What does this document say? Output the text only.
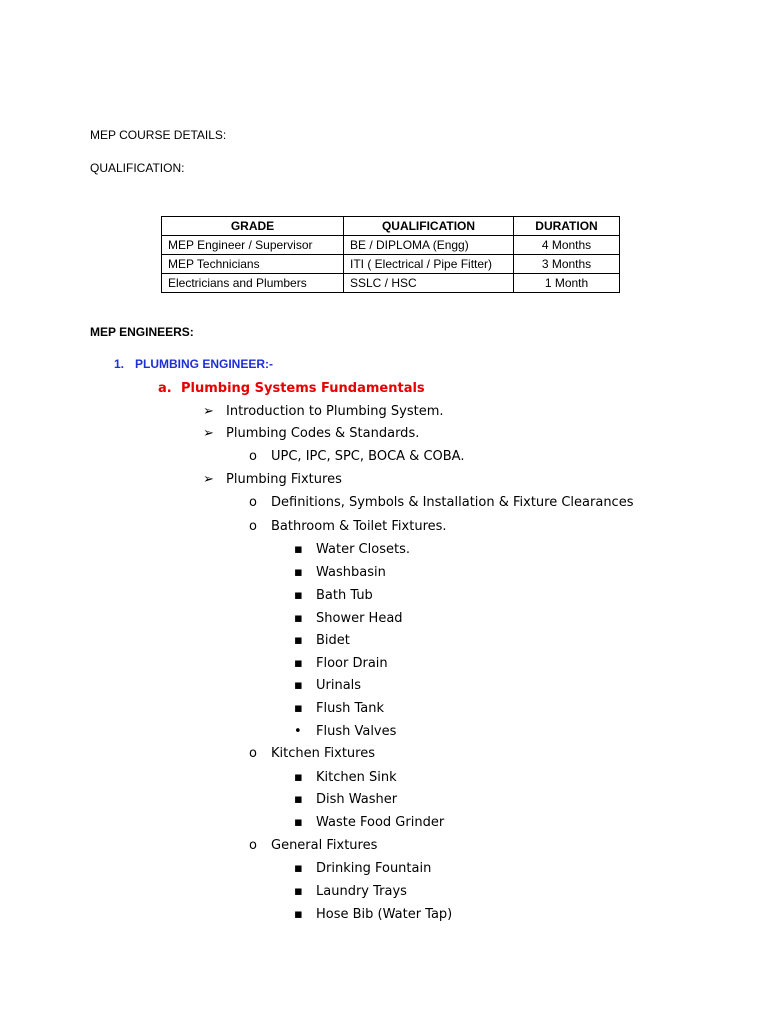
MEP COURSE DETAILS:
QUALIFICATION:
GRADE	QUALIFICATION	DURATION
MEP Engineer / Supervisor	BE / DIPLOMA (Engg)	4 Months
MEP Technicians	ITI ( Electrical / Pipe Fitter)	3 Months
Electricians and Plumbers	SSLC / HSC	1 Month
MEP ENGINEERS:
1. PLUMBING ENGINEER:-
a. Plumbing Systems Fundamentals
➢ Introduction to Plumbing System.
➢ Plumbing Codes & Standards.
o UPC, IPC, SPC, BOCA & COBA.
➢ Plumbing Fixtures
o Definitions, Symbols & Installation & Fixture Clearances
o Bathroom & Toilet Fixtures.
▪ Water Closets.
▪ Washbasin
▪ Bath Tub
▪ Shower Head
▪ Bidet
▪ Floor Drain
▪ Urinals
▪ Flush Tank
• Flush Valves
o Kitchen Fixtures
▪ Kitchen Sink
▪ Dish Washer
▪ Waste Food Grinder
o General Fixtures
▪ Drinking Fountain
▪ Laundry Trays
▪ Hose Bib (Water Tap)
